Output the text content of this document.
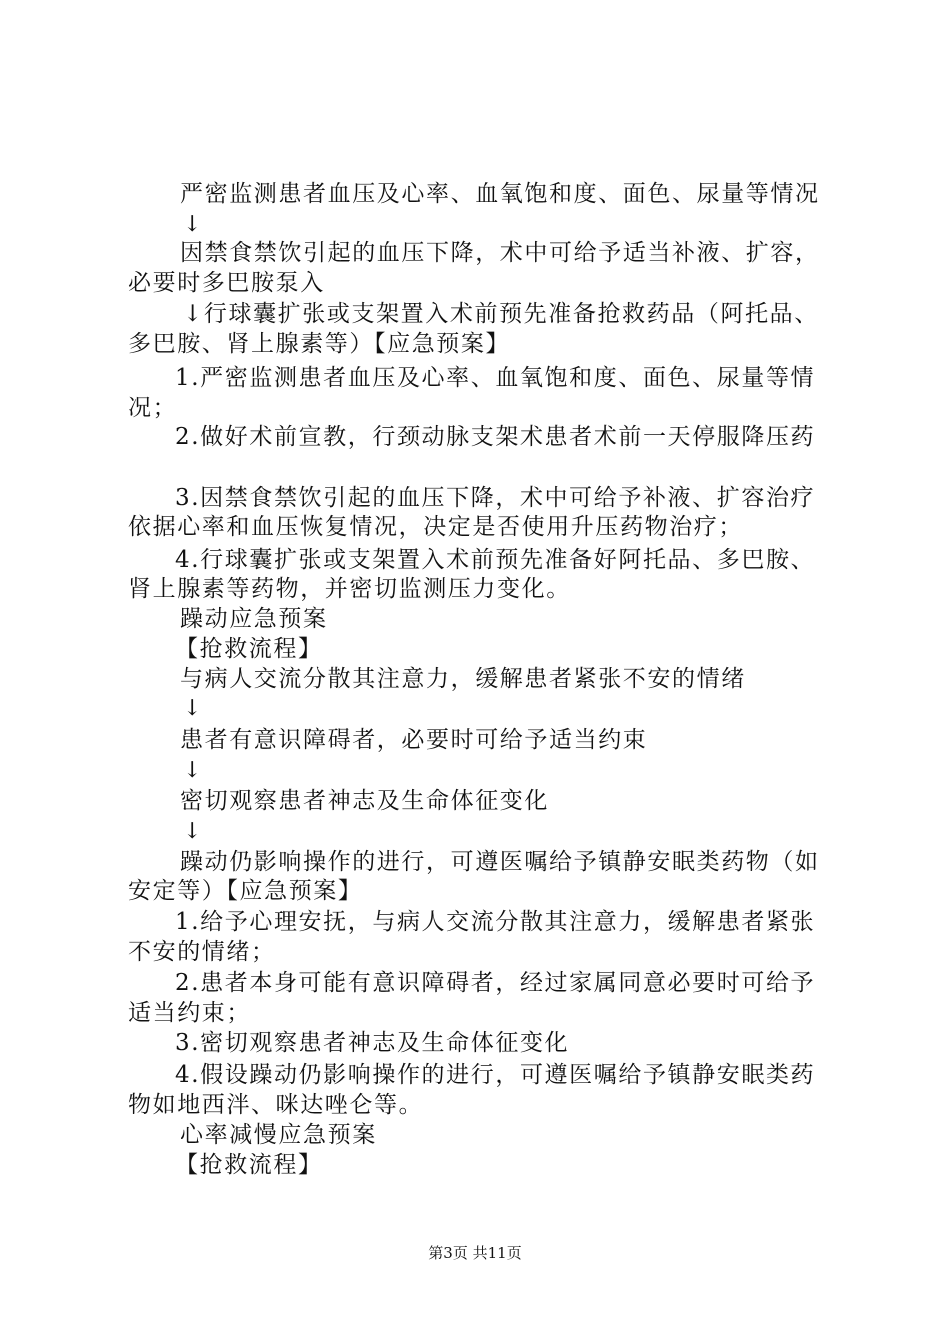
严密监测患者血压及心率、血氧饱和度、面色、尿量等情况
↓
因禁食禁饮引起的血压下降，术中可给予适当补液、扩容，
必要时多巴胺泵入
↓行球囊扩张或支架置入术前预先准备抢救药品（阿托品、
多巴胺、肾上腺素等）【应急预案】
1.严密监测患者血压及心率、血氧饱和度、面色、尿量等情
况；
2.做好术前宣教，行颈动脉支架术患者术前一天停服降压药
3.因禁食禁饮引起的血压下降，术中可给予补液、扩容治疗
依据心率和血压恢复情况，决定是否使用升压药物治疗；
4.行球囊扩张或支架置入术前预先准备好阿托品、多巴胺、
肾上腺素等药物，并密切监测压力变化。
躁动应急预案
【抢救流程】
与病人交流分散其注意力，缓解患者紧张不安的情绪
↓
患者有意识障碍者，必要时可给予适当约束
↓
密切观察患者神志及生命体征变化
↓
躁动仍影响操作的进行，可遵医嘱给予镇静安眠类药物（如
安定等）【应急预案】
1.给予心理安抚，与病人交流分散其注意力，缓解患者紧张
不安的情绪；
2.患者本身可能有意识障碍者，经过家属同意必要时可给予
适当约束；
3.密切观察患者神志及生命体征变化
4.假设躁动仍影响操作的进行，可遵医嘱给予镇静安眠类药
物如地西泮、咪达唑仑等。
心率减慢应急预案
【抢救流程】
第3页 共11页
